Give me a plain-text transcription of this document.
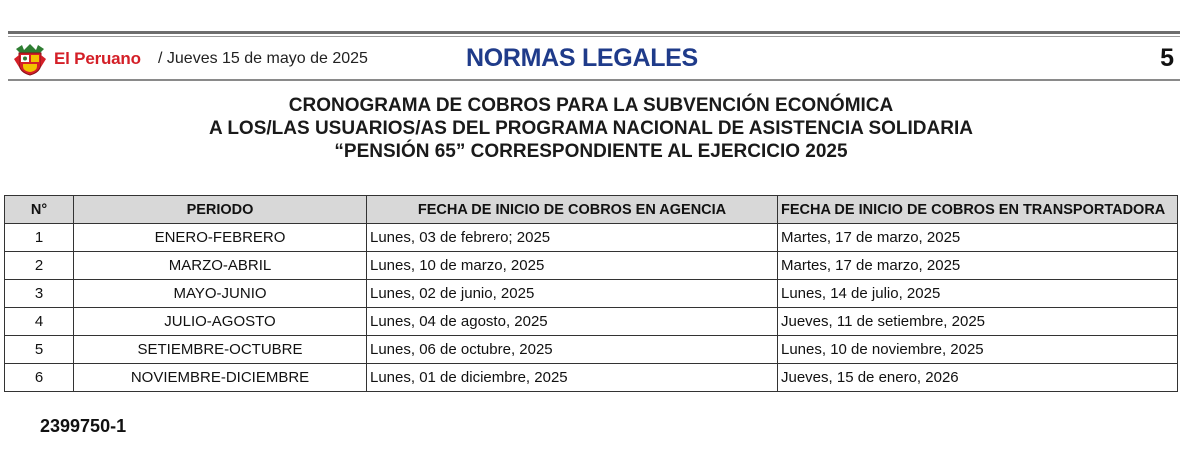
El Peruano / Jueves 15 de mayo de 2025	NORMAS LEGALES	5
CRONOGRAMA DE COBROS PARA LA SUBVENCIÓN ECONÓMICA
A LOS/LAS USUARIOS/AS DEL PROGRAMA NACIONAL DE ASISTENCIA SOLIDARIA
“PENSIÓN 65” CORRESPONDIENTE AL EJERCICIO 2025
N°	PERIODO	FECHA DE INICIO DE COBROS EN AGENCIA	FECHA DE INICIO DE COBROS EN TRANSPORTADORA
1	ENERO-FEBRERO	Lunes, 03 de febrero; 2025	Martes, 17 de marzo, 2025
2	MARZO-ABRIL	Lunes, 10 de marzo, 2025	Martes, 17 de marzo, 2025
3	MAYO-JUNIO	Lunes, 02 de junio, 2025	Lunes, 14 de julio, 2025
4	JULIO-AGOSTO	Lunes, 04 de agosto, 2025	Jueves, 11 de setiembre, 2025
5	SETIEMBRE-OCTUBRE	Lunes, 06 de octubre, 2025	Lunes, 10 de noviembre, 2025
6	NOVIEMBRE-DICIEMBRE	Lunes, 01 de diciembre, 2025	Jueves, 15 de enero, 2026
2399750-1
